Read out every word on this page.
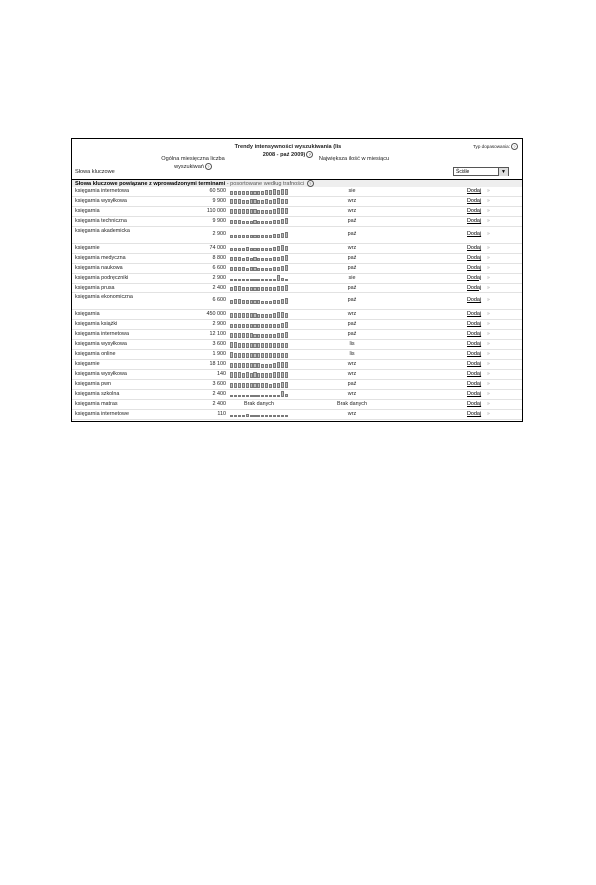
Słowa kluczowe
Ogólna miesięczna liczba wyszukiwań ?
Trendy intensywności wyszukiwania (lis 2008 - paź 2009) ?
Największa ilość w miesiącu
Typ dopasowania: ?
Ściśle	▼
Słowa kluczowe powiązane z wprowadzonymi terminami - posortowane według trafności ?
księgarnia internetowa	60 500	sie	Dodaj »
księgarnia wysyłkowa	9 900	wrz	Dodaj »
księgarnia	110 000	wrz	Dodaj »
księgarnia techniczna	9 900	paź	Dodaj »
księgarnia akademicka	2 900	paź	Dodaj »
księgarnie	74 000	wrz	Dodaj »
księgarnia medyczna	8 800	paź	Dodaj »
księgarnia naukowa	6 600	paź	Dodaj »
księgarnia podręczniki	2 900	sie	Dodaj »
księgarnia prusa	2 400	paź	Dodaj »
księgarnia ekonomiczna	6 600	paź	Dodaj »
księgarnia	450 000	wrz	Dodaj »
księgarnia książki	2 900	paź	Dodaj »
księgarnia internetowa	12 100	paź	Dodaj »
księgarnia wysyłkowa	3 600	lis	Dodaj »
księgarnia online	1 900	lis	Dodaj »
księgarnie	18 100	wrz	Dodaj »
księgarnia wysyłkowa	140	wrz	Dodaj »
księgarnia pwn	3 600	paź	Dodaj »
księgarnia szkolna	2 400	wrz	Dodaj »
księgarnia matras	2 400	Brak danych	Brak danych	Dodaj »
księgarnia internetowe	110	wrz	Dodaj »
